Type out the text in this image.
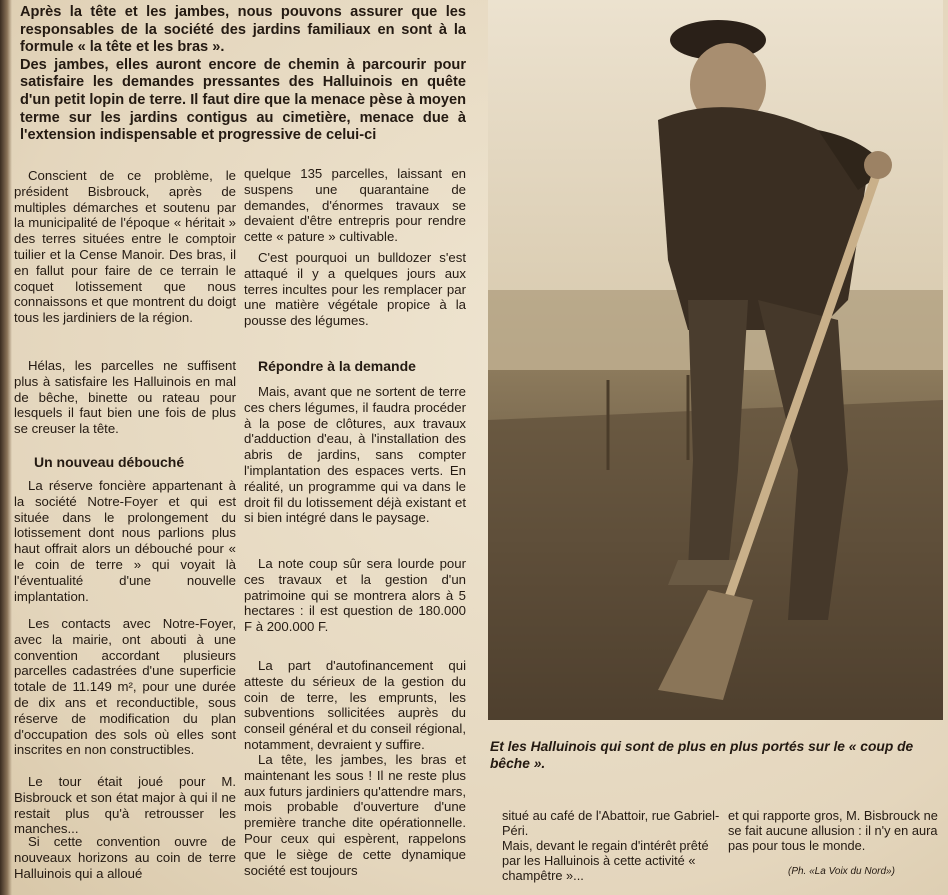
Après la tête et les jambes, nous pouvons assurer que les responsables de la société des jardins familiaux en sont à la formule « la tête et les bras ».
Des jambes, elles auront encore de chemin à parcourir pour satisfaire les demandes pressantes des Halluinois en quête d'un petit lopin de terre. Il faut dire que la menace pèse à moyen terme sur les jardins contigus au cimetière, menace due à l'extension indispensable et progressive de celui-ci

Conscient de ce problème, le président Bisbrouck, après de multiples démarches et soutenu par la municipalité de l'époque « héritait » des terres situées entre le comptoir tuilier et la Cense Manoir. Des bras, il en fallut pour faire de ce terrain le coquet lotissement que nous connaissons et que montrent du doigt tous les jardiniers de la région.

Hélas, les parcelles ne suffisent plus à satisfaire les Halluinois en mal de bêche, binette ou rateau pour lesquels il faut bien une fois de plus se creuser la tête.

Un nouveau débouché

La réserve foncière appartenant à la société Notre-Foyer et qui est située dans le prolongement du lotissement dont nous parlions plus haut offrait alors un débouché pour « le coin de terre » qui voyait là l'éventualité d'une nouvelle implantation.

Les contacts avec Notre-Foyer, avec la mairie, ont abouti à une convention accordant plusieurs parcelles cadastrées d'une superficie totale de 11.149 m², pour une durée de dix ans et reconductible, sous réserve de modification du plan d'occupation des sols où elles sont inscrites en non constructibles.

Le tour était joué pour M. Bisbrouck et son état major à qui il ne restait plus qu'à retrousser les manches...

Si cette convention ouvre de nouveaux horizons au coin de terre Halluinois qui a alloué

quelque 135 parcelles, laissant en suspens une quarantaine de demandes, d'énormes travaux se devaient d'être entrepris pour rendre cette « pature » cultivable.

C'est pourquoi un bulldozer s'est attaqué il y a quelques jours aux terres incultes pour les remplacer par une matière végétale propice à la pousse des légumes.

Répondre à la demande

Mais, avant que ne sortent de terre ces chers légumes, il faudra procéder à la pose de clôtures, aux travaux d'adduction d'eau, à l'installation des abris de jardins, sans compter l'implantation des espaces verts. En réalité, un programme qui va dans le droit fil du lotissement déjà existant et si bien intégré dans le paysage.

La note coup sûr sera lourde pour ces travaux et la gestion d'un patrimoine qui se montrera alors à 5 hectares : il est question de 180.000 F à 200.000 F.

La part d'autofinancement qui atteste du sérieux de la gestion du coin de terre, les emprunts, les subventions sollicitées auprès du conseil général et du conseil régional, notamment, devraient y suffire.

La tête, les jambes, les bras et maintenant les sous ! Il ne reste plus aux futurs jardiniers qu'attendre mars, mois probable d'ouverture d'une première tranche dite opérationnelle. Pour ceux qui espèrent, rappelons que le siège de cette dynamique société est toujours

Et les Halluinois qui sont de plus en plus portés sur le « coup de bêche ».

situé au café de l'Abattoir, rue Gabriel-Péri.
Mais, devant le regain d'intérêt prêté par les Halluinois à cette activité « champêtre »...

et qui rapporte gros, M. Bisbrouck ne se fait aucune allusion : il n'y en aura pas pour tous le monde.

(Ph. «La Voix du Nord»)
